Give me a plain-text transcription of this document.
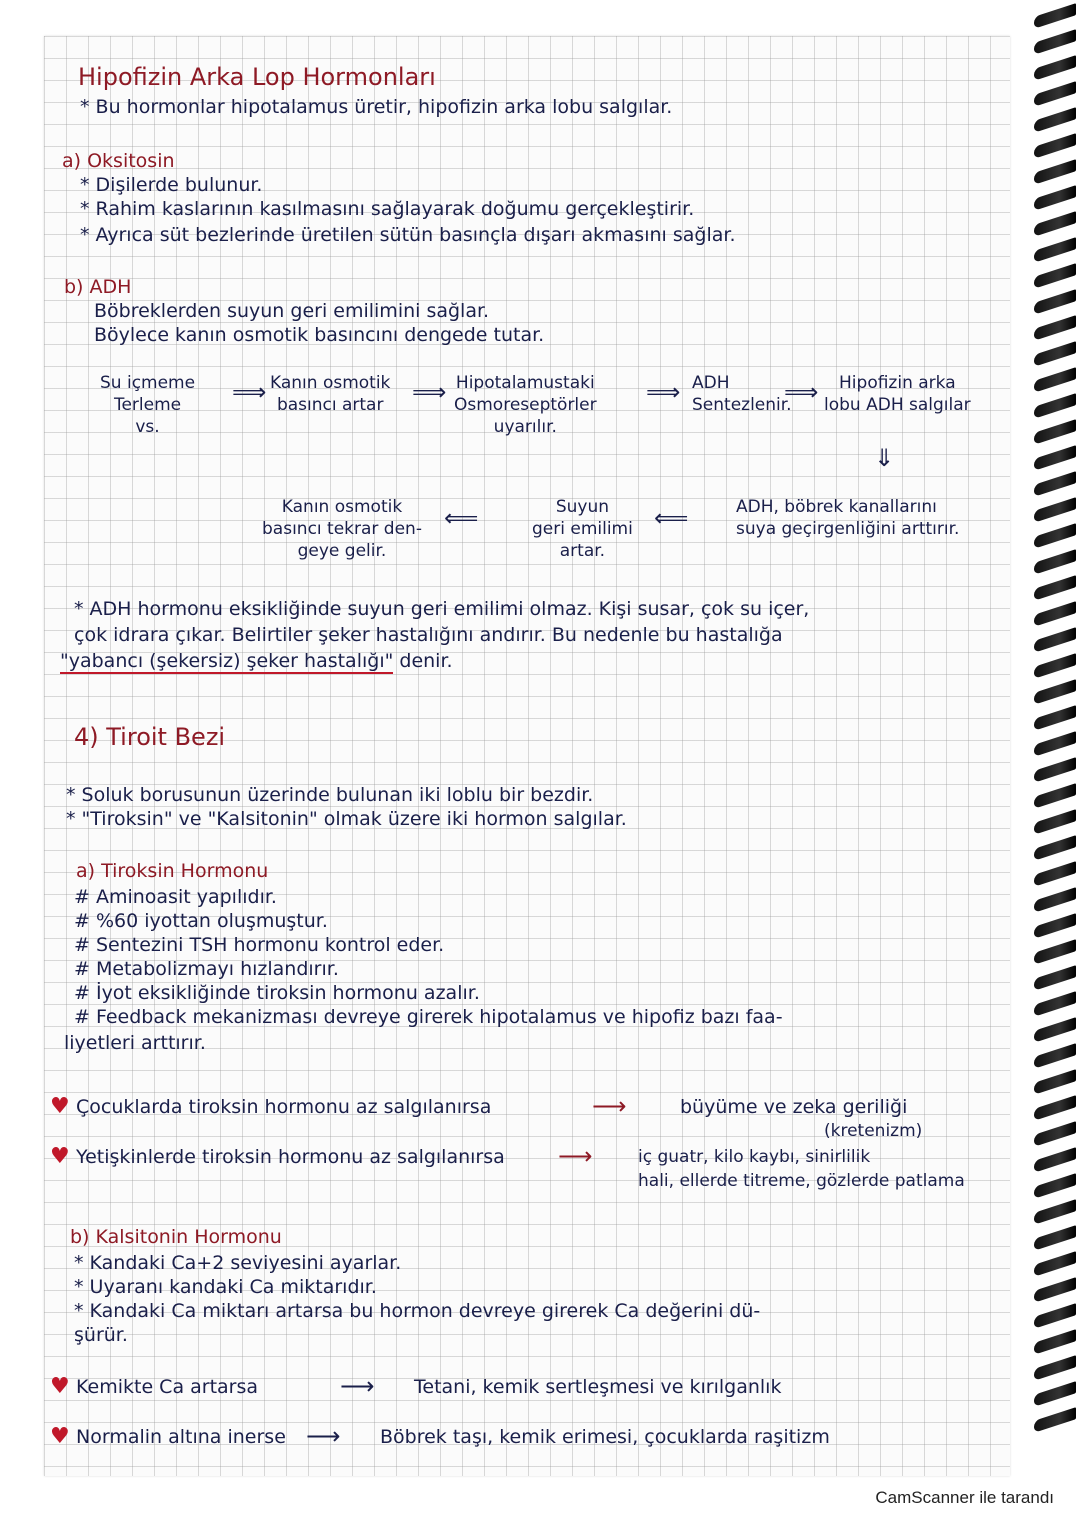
Hipofizin Arka Lop Hormonları
* Bu hormonlar hipotalamus üretir, hipofizin arka lobu salgılar.
a) Oksitosin
* Dişilerde bulunur.
* Rahim kaslarının kasılmasını sağlayarak doğumu gerçekleştirir.
* Ayrıca süt bezlerinde üretilen sütün basınçla dışarı akmasını sağlar.
b) ADH
Böbreklerden suyun geri emilimini sağlar.
Böylece kanın osmotik basıncını dengede tutar.
Su içmeme
Terleme
vs.
⟹ Kanın osmotik
basıncı artar ⟹ Hipotalamustaki
Osmoreseptörler
uyarılır.
⟹ ADH
Sentezlenir.
⟹	Hipofizin arka
lobu ADH salgılar
⇓
ADH, böbrek kanallarını
suya geçirgenliğini arttırır.
⟸
Suyun
geri emilimi
artar.
⟸
Kanın osmotik
basıncı tekrar den-
geye gelir.
* ADH hormonu eksikliğinde suyun geri emilimi olmaz. Kişi susar, çok su içer,
çok idrara çıkar. Belirtiler şeker hastalığını andırır. Bu nedenle bu hastalığa
"yabancı (şekersiz) şeker hastalığı" denir.
4) Tiroit Bezi
* Soluk borusunun üzerinde bulunan iki loblu bir bezdir.
* "Tiroksin" ve "Kalsitonin" olmak üzere iki hormon salgılar.
a) Tiroksin Hormonu
# Aminoasit yapılıdır.
# %60 iyottan oluşmuştur.
# Sentezini TSH hormonu kontrol eder.
# Metabolizmayı hızlandırır.
# İyot eksikliğinde tiroksin hormonu azalır.
# Feedback mekanizması devreye girerek hipotalamus ve hipofiz bazı faa-
liyetleri arttırır.
♥ Çocuklarda tiroksin hormonu az salgılanırsa	⟶	büyüme ve zeka geriliği
(kretenizm)
♥ Yetişkinlerde tiroksin hormonu az salgılanırsa ⟶	iç guatr, kilo kaybı, sinirlilik
hali, ellerde titreme, gözlerde patlama
b) Kalsitonin Hormonu
* Kandaki Ca+2 seviyesini ayarlar.
* Uyaranı kandaki Ca miktarıdır.
* Kandaki Ca miktarı artarsa bu hormon devreye girerek Ca değerini dü-
şürür.
♥ Kemikte Ca artarsa	⟶ Tetani, kemik sertleşmesi ve kırılganlık
♥ Normalin altına inerse ⟶ Böbrek taşı, kemik erimesi, çocuklarda raşitizm
CamScanner ile tarandı
